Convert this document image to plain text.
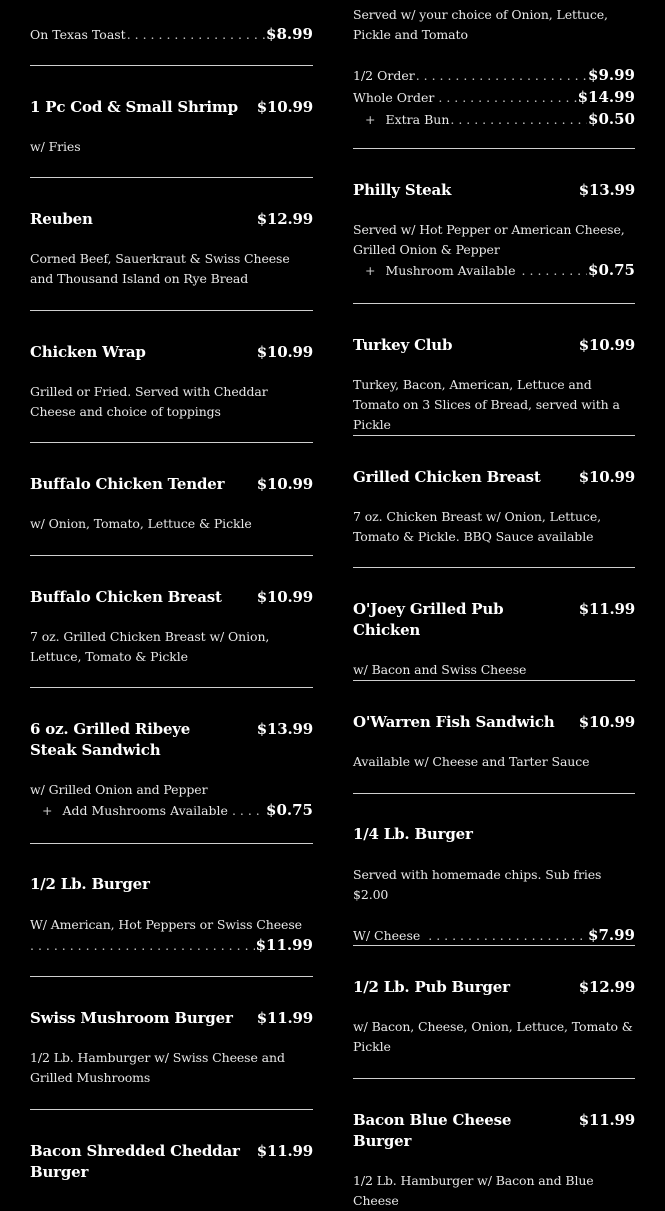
On Texas Toast . . .	$8.99
1 Pc Cod & Small Shrimp $10.99
w/ Fries
Reuben	$12.99
Corned Beef, Sauerkraut & Swiss Cheese and Thousand Island on Rye Bread
Chicken Wrap	$10.99
Grilled or Fried. Served with Cheddar Cheese and choice of toppings
Buffalo Chicken Tender $10.99
w/ Onion, Tomato, Lettuce & Pickle
Buffalo Chicken Breast $10.99
7 oz. Grilled Chicken Breast w/ Onion, Lettuce, Tomato & Pickle
6 oz. Grilled Ribeye Steak Sandwich
$13.99
w/ Grilled Onion and Pepper
+ Add Mushrooms Available . . .	$0.75
1/2 Lb. Burger
W/ American, Hot Peppers or Swiss Cheese
. . .
$11.99
Swiss Mushroom Burger $11.99
1/2 Lb. Hamburger w/ Swiss Cheese and Grilled Mushrooms
Bacon Shredded Cheddar Burger
$11.99
Served w/ your choice of Onion, Lettuce, Pickle and Tomato
1/2 Order . . .	$9.99
Whole Order . . .	$14.99
+ Extra Bun . . .	$0.50
Philly Steak	$13.99
Served w/ Hot Pepper or American Cheese, Grilled Onion & Pepper
+ Mushroom Available . . .	$0.75
Turkey Club	$10.99
Turkey, Bacon, American, Lettuce and Tomato on 3 Slices of Bread, served with a Pickle
Grilled Chicken Breast	$10.99
7 oz. Chicken Breast w/ Onion, Lettuce, Tomato & Pickle. BBQ Sauce available
O'Joey Grilled Pub Chicken
$11.99
w/ Bacon and Swiss Cheese
O'Warren Fish Sandwich $10.99
Available w/ Cheese and Tarter Sauce
1/4 Lb. Burger
Served with homemade chips. Sub fries $2.00
W/ Cheese . . .	$7.99
1/2 Lb. Pub Burger	$12.99
w/ Bacon, Cheese, Onion, Lettuce, Tomato & Pickle
Bacon Blue Cheese Burger
$11.99
1/2 Lb. Hamburger w/ Bacon and Blue Cheese
